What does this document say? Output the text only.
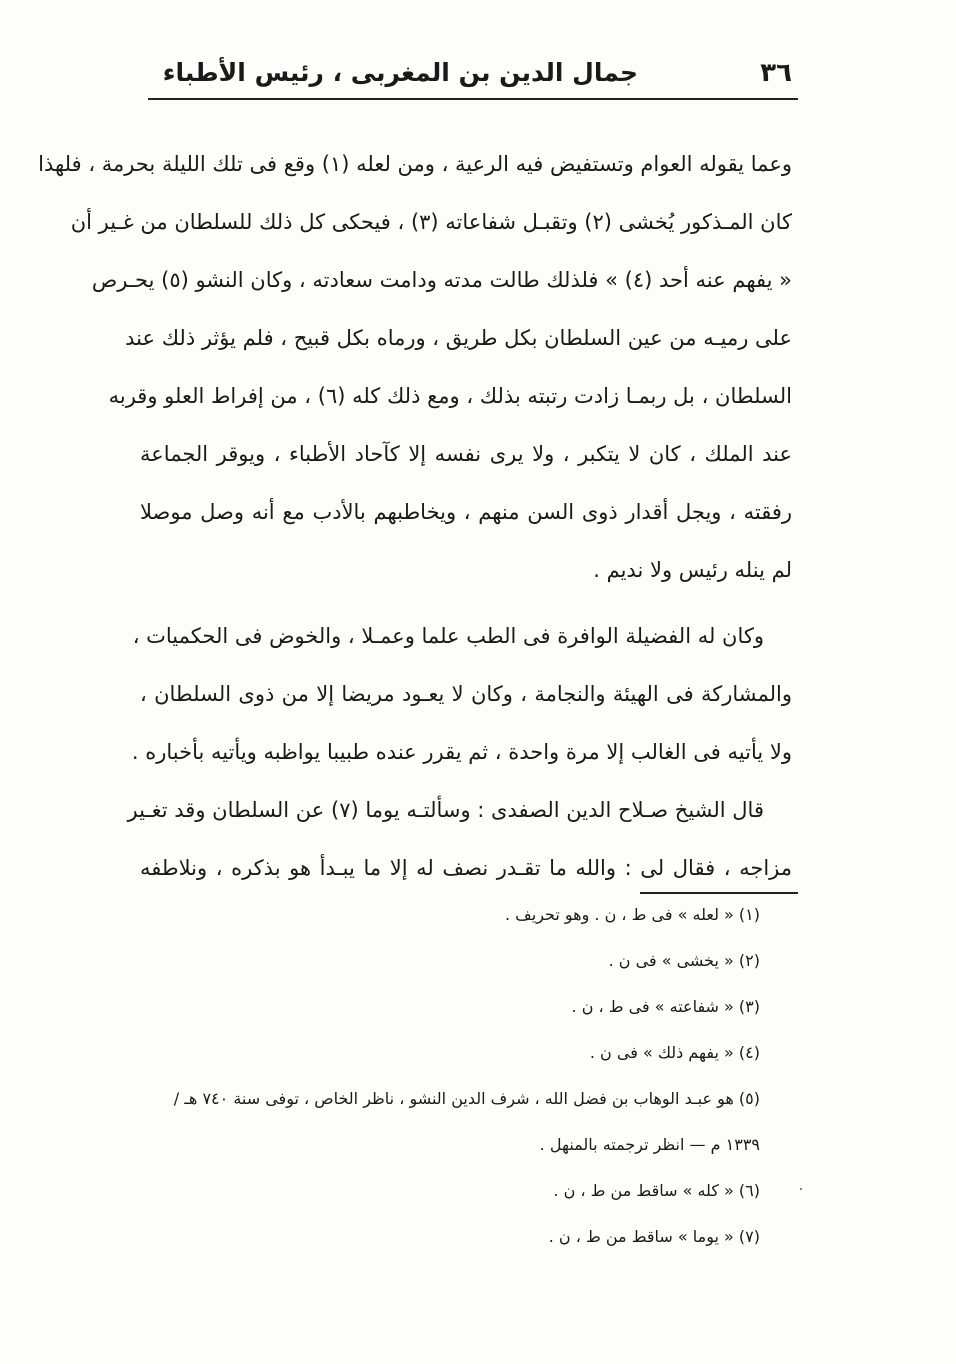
٣٦
جمال الدين بن المغربى ، رئيس الأطباء
وعما يقوله العوام وتستفيض فيه الرعية ، ومن لعله (١) وقع فى تلك الليلة بحرمة ، فلهذا
كان المـذكور يُخشى (٢) وتقبـل شفاعاته (٣) ، فيحكى كل ذلك للسلطان من غـير أن
« يفهم عنه أحد (٤) » فلذلك طالت مدته ودامت سعادته ، وكان النشو (٥) يحـرص
على رميـه من عين السلطان بكل طريق ، ورماه بكل قبيح ، فلم يؤثر ذلك عند
السلطان ، بل ربمـا زادت رتبته بذلك ، ومع ذلك كله (٦) ، من إفراط العلو وقربه
عند الملك ، كان لا يتكبر ، ولا يرى نفسه إلا كآحاد الأطباء ، ويوقر الجماعة
رفقته ، ويجل أقدار ذوى السن منهم ، ويخاطبهم بالأدب مع أنه وصل موصلا
لم ينله رئيس ولا نديم .
وكان له الفضيلة الوافرة فى الطب علما وعمـلا ، والخوض فى الحكميات ،
والمشاركة فى الهيئة والنجامة ، وكان لا يعـود مريضا إلا من ذوى السلطان ،
ولا يأتيه فى الغالب إلا مرة واحدة ، ثم يقرر عنده طبيبا يواظبه ويأتيه بأخباره .
قال الشيخ صـلاح الدين الصفدى : وسألتـه يوما (٧) عن السلطان وقد تغـير
مزاجه ، فقال لى : والله ما تقـدر نصف له إلا ما يبـدأ هو بذكره ، ونلاطفه
(١) « لعله » فى ط ، ن . وهو تحريف .
(٢) « يخشى » فى ن .
(٣) « شفاعته » فى ط ، ن .
(٤) « يفهم ذلك » فى ن .
(٥) هو عبـد الوهاب بن فضل الله ، شرف الدين النشو ، ناظر الخاص ، توفى سنة ٧٤٠ هـ /
١٣٣٩ م — انظر ترجمته بالمنهل .
(٦) « كله » ساقط من ط ، ن .
(٧) « يوما » ساقط من ط ، ن .
